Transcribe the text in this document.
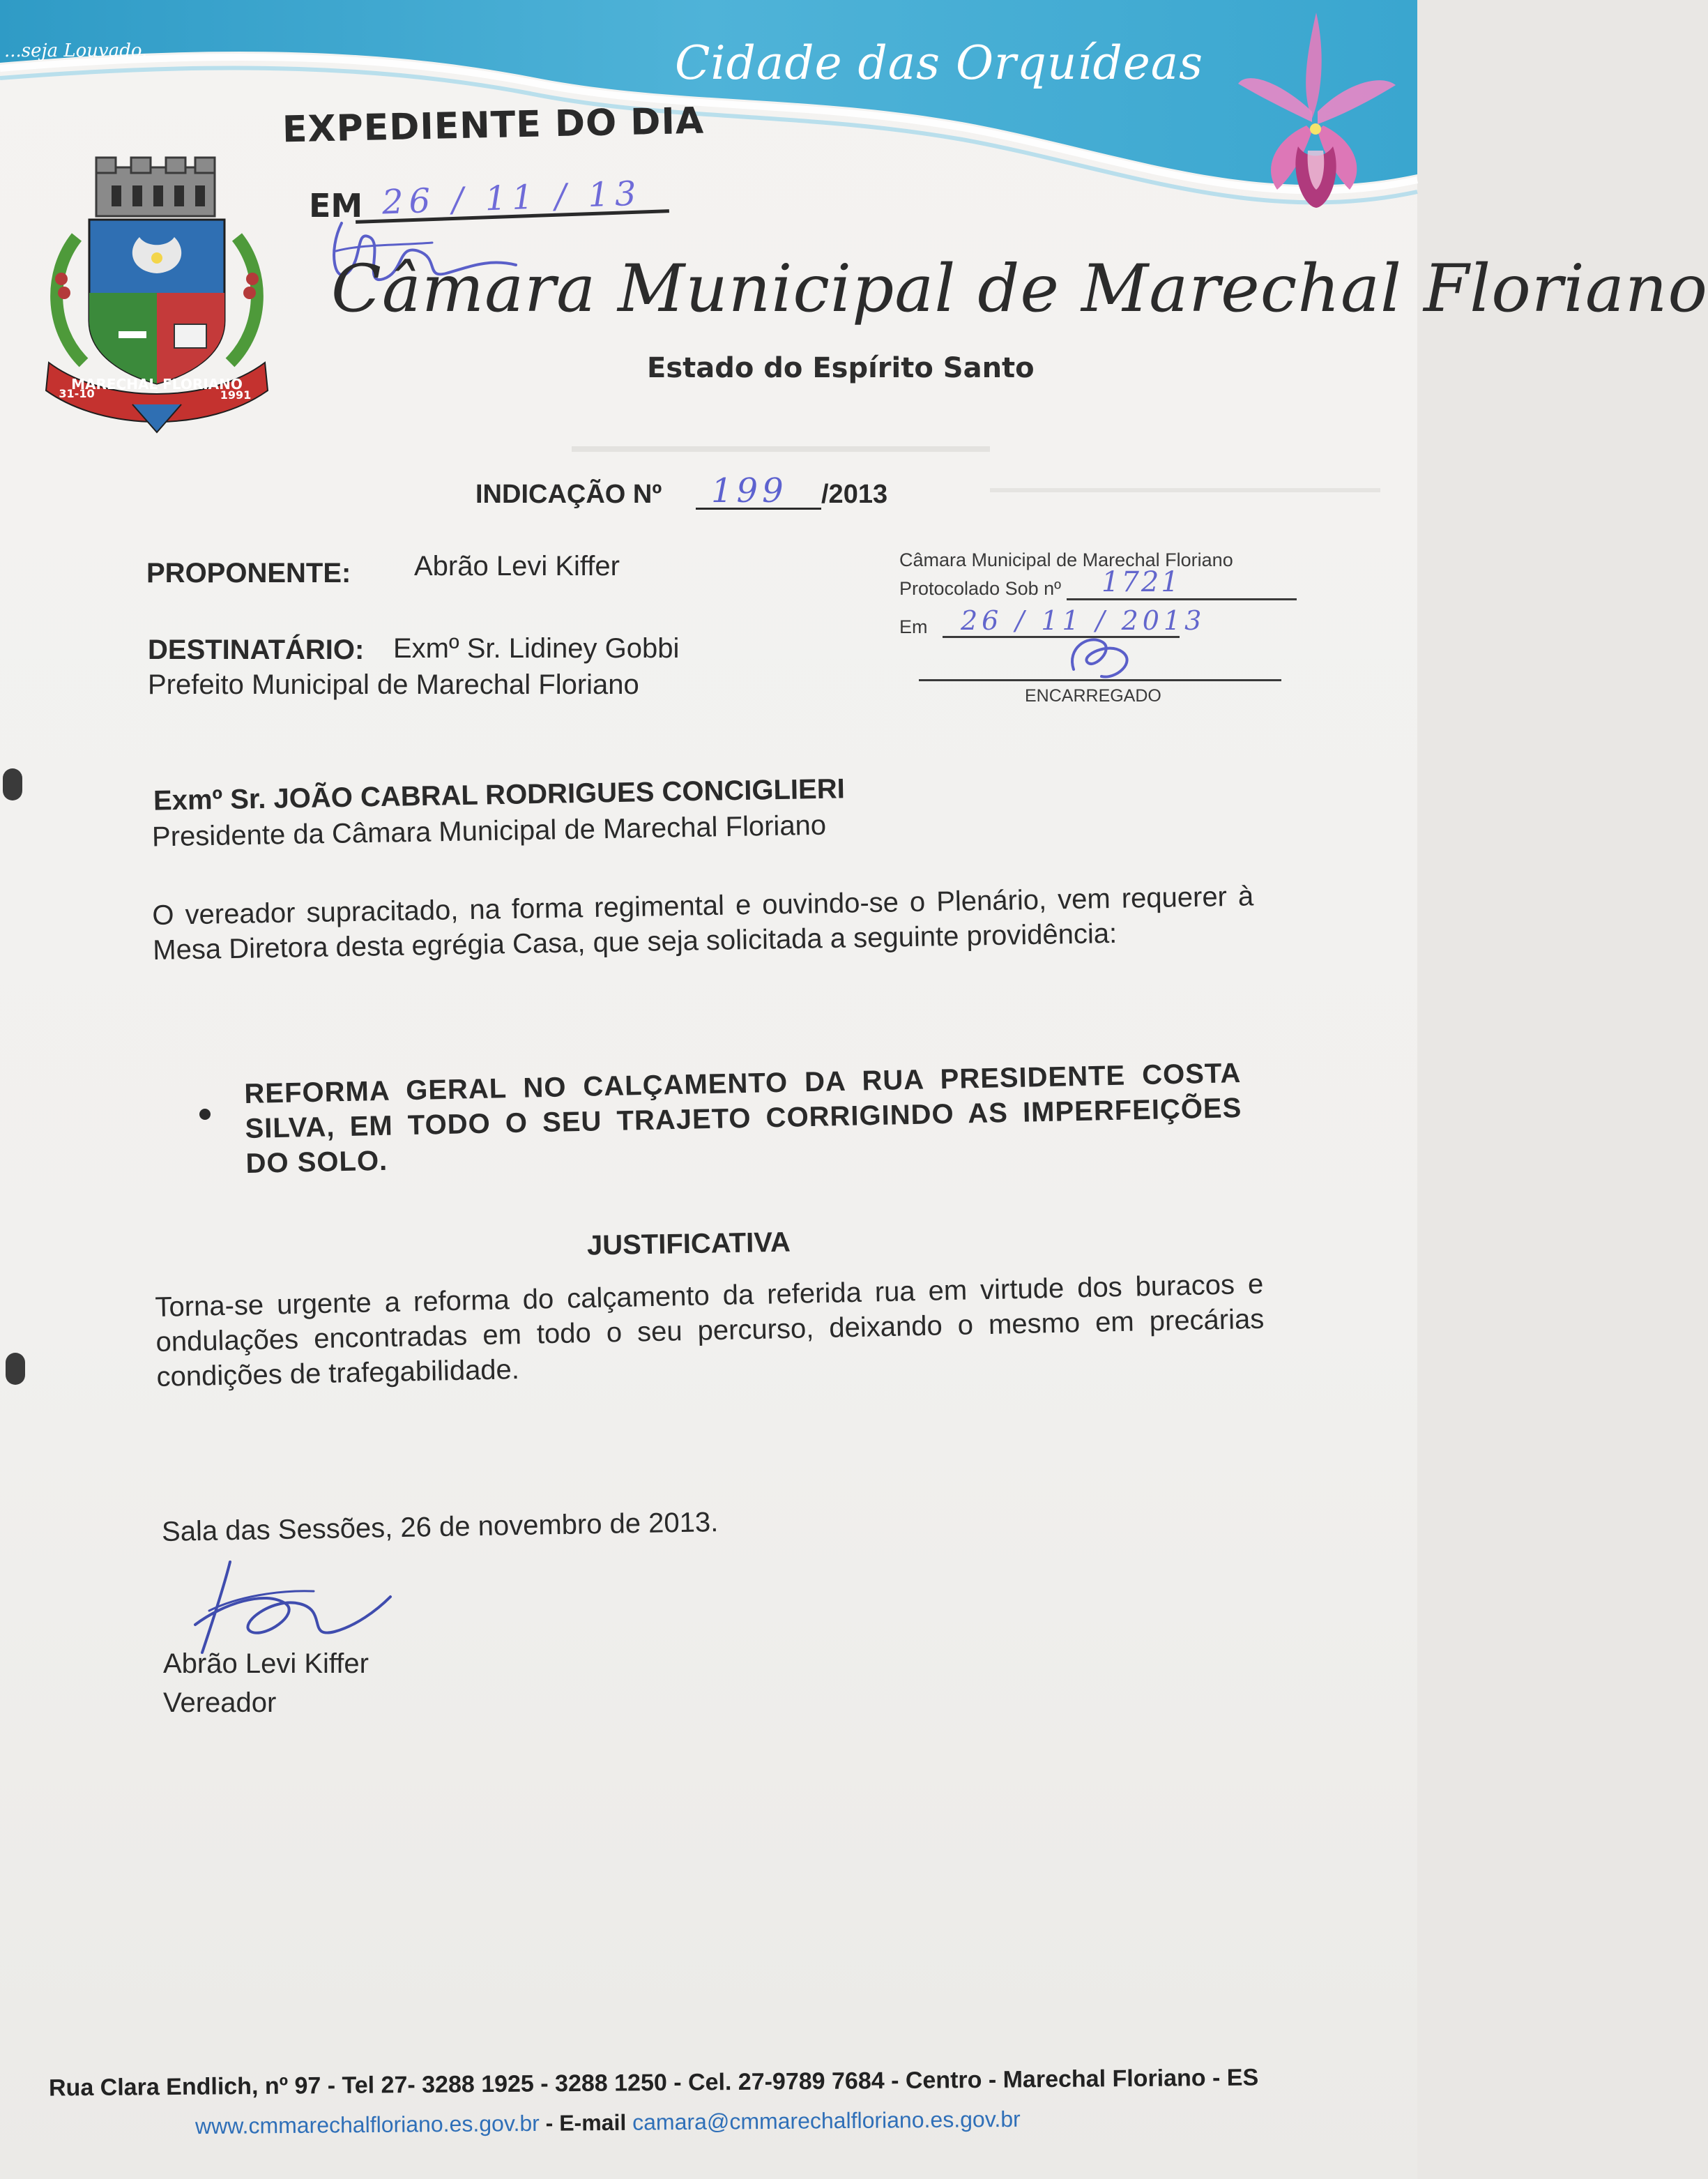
...seja Louvado.	Cidade das Orquídeas

EXPEDIENTE DO DIA

EM 26 / 11 / 13

MARECHAL FLORIANO
31-10	1991

Câmara Municipal de Marechal Floriano

Estado do Espírito Santo

INDICAÇÃO Nº 199 /2013

PROPONENTE: Abrão Levi Kiffer	Câmara Municipal de Marechal Floriano

Protocolado Sob nº 1721

Em 26 / 11 / 2013

ENCARREGADO

DESTINATÁRIO: Exmº Sr. Lidiney Gobbi

Prefeito Municipal de Marechal Floriano

Exmº Sr. JOÃO CABRAL RODRIGUES CONCIGLIERI

Presidente da Câmara Municipal de Marechal Floriano

O vereador supracitado, na forma regimental e ouvindo-se o Plenário, vem requerer à Mesa Diretora desta egrégia Casa, que seja solicitada a seguinte providência:

REFORMA GERAL NO CALÇAMENTO DA RUA PRESIDENTE COSTA SILVA, EM TODO O SEU TRAJETO CORRIGINDO AS IMPERFEIÇÕES DO SOLO.

JUSTIFICATIVA

Torna-se urgente a reforma do calçamento da referida rua em virtude dos buracos e ondulações encontradas em todo o seu percurso, deixando o mesmo em precárias condições de trafegabilidade.

Sala das Sessões, 26 de novembro de 2013.

Abrão Levi Kiffer

Vereador

Rua Clara Endlich, nº 97 - Tel 27- 3288 1925 - 3288 1250 - Cel. 27-9789 7684 - Centro - Marechal Floriano - ES

www.cmmarechalfloriano.es.gov.br - E-mail camara@cmmarechalfloriano.es.gov.br
